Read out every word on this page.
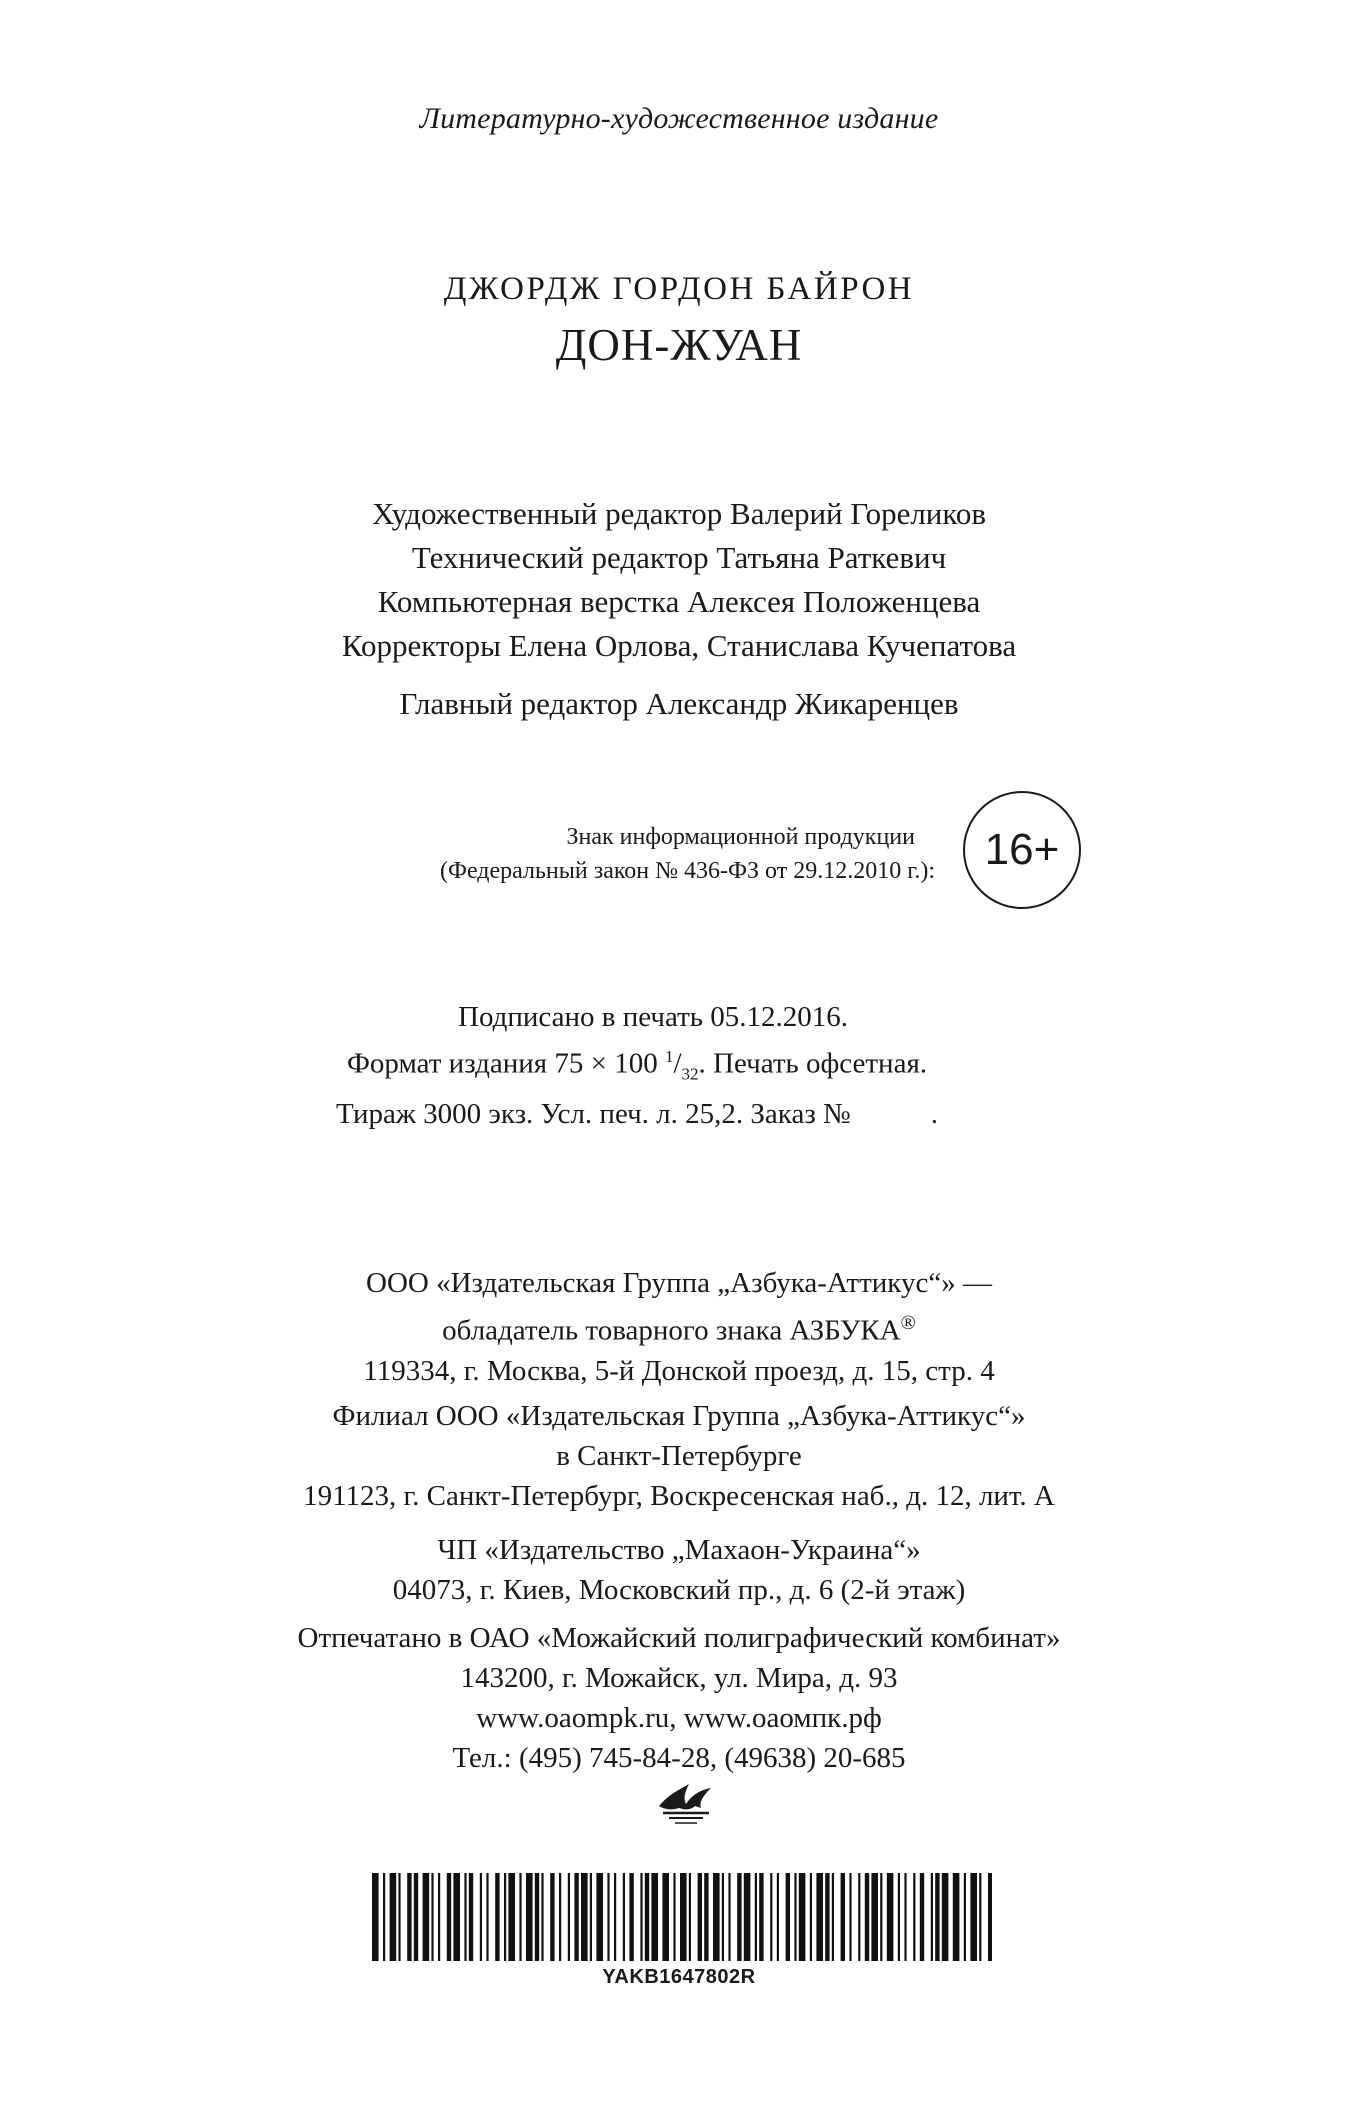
Литературно-художественное издание
ДЖОРДЖ ГОРДОН БАЙРОН
ДОН-ЖУАН
Художественный редактор Валерий Гореликов
Технический редактор Татьяна Раткевич
Компьютерная верстка Алексея Положенцева
Корректоры Елена Орлова, Станислава Кучепатова
Главный редактор Александр Жикаренцев
Знак информационной продукции
(Федеральный закон № 436-ФЗ от 29.12.2010 г.):	16+
Подписано в печать 05.12.2016.
Формат издания 75 × 100 $^1/_{32}$. Печать офсетная.
Тираж 3000 экз. Усл. печ. л. 25,2. Заказ №	.
ООО «Издательская Группа „Азбука-Аттикус“» —
обладатель товарного знака АЗБУКА®
119334, г. Москва, 5-й Донской проезд, д. 15, стр. 4
Филиал ООО «Издательская Группа „Азбука-Аттикус“»
в Санкт-Петербурге
191123, г. Санкт-Петербург, Воскресенская наб., д. 12, лит. А
ЧП «Издательство „Махаон-Украина“»
04073, г. Киев, Московский пр., д. 6 (2-й этаж)
Отпечатано в ОАО «Можайский полиграфический комбинат»
143200, г. Можайск, ул. Мира, д. 93
www.oaompk.ru, www.оаомпк.рф
Тел.: (495) 745-84-28, (49638) 20-685
YAKB1647802R
